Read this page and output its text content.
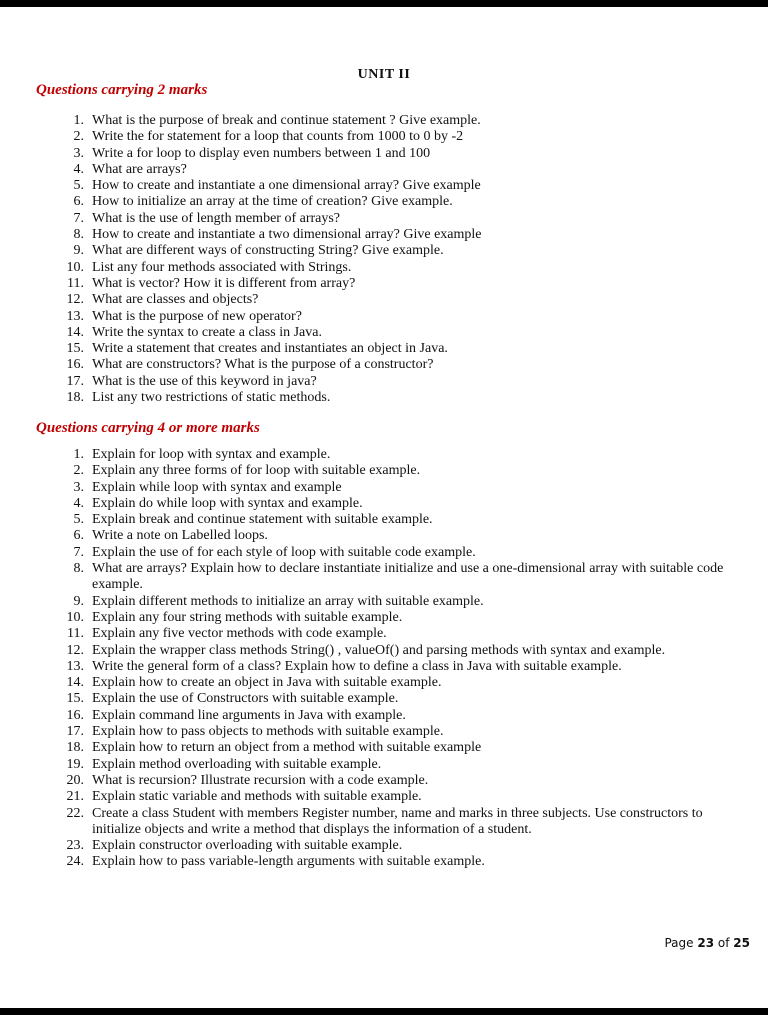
UNIT II
Questions carrying 2 marks
1. What is the purpose of break and continue statement ? Give example.
2. Write the for statement for a loop that counts from 1000 to 0 by -2
3. Write a for loop to display even numbers between 1 and 100
4. What are arrays?
5. How to create and instantiate a one dimensional array? Give example
6. How to initialize an array at the time of creation? Give example.
7. What is the use of length member of arrays?
8. How to create and instantiate a two dimensional array? Give example
9. What are different ways of constructing String? Give example.
10. List any four methods associated with Strings.
11. What is vector? How it is different from array?
12. What are classes and objects?
13. What is the purpose of new operator?
14. Write the syntax to create a class in Java.
15. Write a statement that creates and instantiates an object in Java.
16. What are constructors? What is the purpose of a constructor?
17. What is the use of this keyword in java?
18. List any two restrictions of static methods.
Questions carrying 4 or more marks
1. Explain for loop with syntax and example.
2. Explain any three forms of for loop with suitable example.
3. Explain while loop with syntax and example
4. Explain do while loop with syntax and example.
5. Explain break and continue statement with suitable example.
6. Write a note on Labelled loops.
7. Explain the use of for each style of loop with suitable code example.
8. What are arrays? Explain how to declare instantiate initialize and use a one-dimensional array with suitable code example.
9. Explain different methods to initialize an array with suitable example.
10. Explain any four string methods with suitable example.
11. Explain any five vector methods with code example.
12. Explain the wrapper class methods String() , valueOf() and parsing methods with syntax and example.
13. Write the general form of a class? Explain how to define a class in Java with suitable example.
14. Explain how to create an object in Java with suitable example.
15. Explain the use of Constructors with suitable example.
16. Explain command line arguments in Java with example.
17. Explain how to pass objects to methods with suitable example.
18. Explain how to return an object from a method with suitable example
19. Explain method overloading with suitable example.
20. What is recursion? Illustrate recursion with a code example.
21. Explain static variable and methods with suitable example.
22. Create a class Student with members Register number, name and marks in three subjects. Use constructors to initialize objects and write a method that displays the information of a student.
23. Explain constructor overloading with suitable example.
24. Explain how to pass variable-length arguments with suitable example.
Page 23 of 25
